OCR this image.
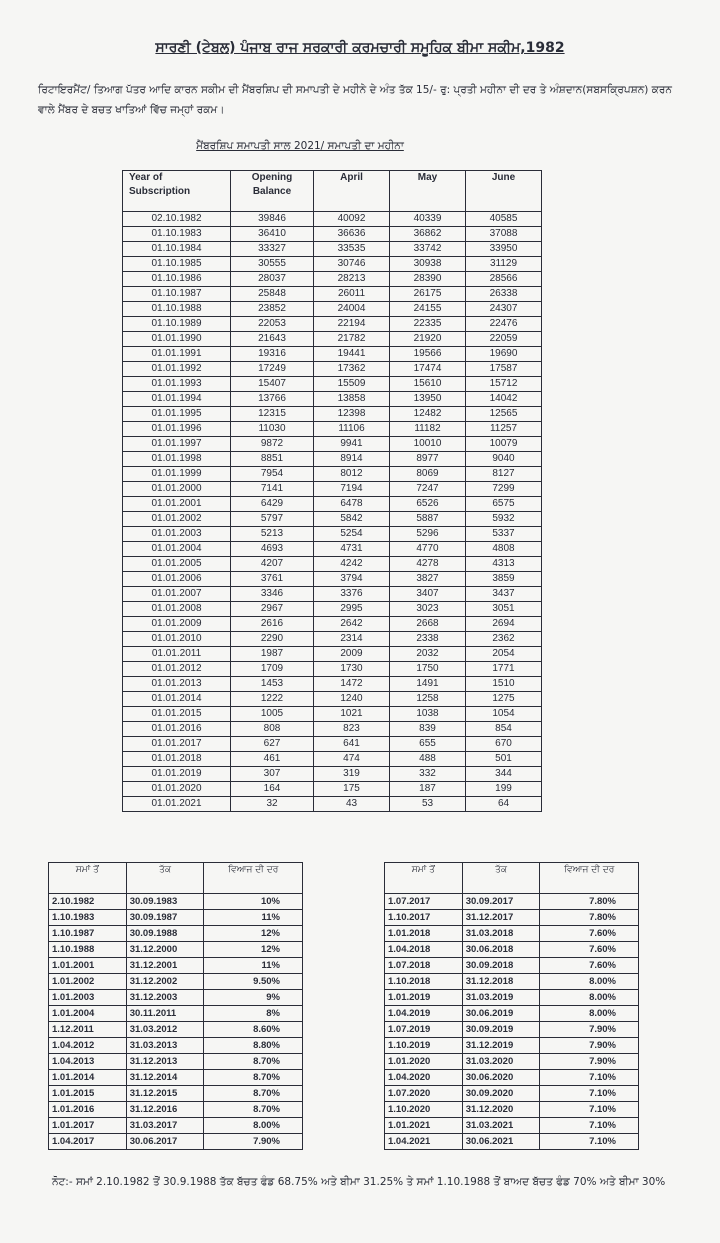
ਸਾਰਣੀ (ਟੇਬਲ) ਪੰਜਾਬ ਰਾਜ ਸਰਕਾਰੀ ਕਰਮਚਾਰੀ ਸਮੂਹਿਕ ਬੀਮਾ ਸਕੀਮ,1982
ਰਿਟਾਇਰਮੈਂਟ/ ਤਿਆਗ ਪੱਤਰ ਆਦਿ ਕਾਰਨ ਸਕੀਮ ਦੀ ਮੈਂਬਰਸ਼ਿਪ ਦੀ ਸਮਾਪਤੀ ਦੇ ਮਹੀਨੇ ਦੇ ਅੰਤ ਤੱਕ 15/- ਰੁ: ਪ੍ਰਤੀ ਮਹੀਨਾ ਦੀ ਦਰ ਤੇ ਅੰਸ਼ਦਾਨ(ਸਬਸਕ੍ਰਿਪਸ਼ਨ) ਕਰਨ ਵਾਲੇ ਮੈਂਬਰ ਦੇ ਬਚਤ ਖਾਤਿਆਂ ਵਿੱਚ ਜਮ੍ਹਾਂ ਰਕਮ।
ਮੈਂਬਰਸ਼ਿਪ ਸਮਾਪਤੀ ਸਾਲ 2021/ ਸਮਾਪਤੀ ਦਾ ਮਹੀਨਾ
Year of Subscription	Opening Balance	April	May	June
02.10.1982	39846	40092	40339	40585
01.10.1983	36410	36636	36862	37088
01.10.1984	33327	33535	33742	33950
01.10.1985	30555	30746	30938	31129
01.10.1986	28037	28213	28390	28566
01.10.1987	25848	26011	26175	26338
01.10.1988	23852	24004	24155	24307
01.10.1989	22053	22194	22335	22476
01.01.1990	21643	21782	21920	22059
01.01.1991	19316	19441	19566	19690
01.01.1992	17249	17362	17474	17587
01.01.1993	15407	15509	15610	15712
01.01.1994	13766	13858	13950	14042
01.01.1995	12315	12398	12482	12565
01.01.1996	11030	11106	11182	11257
01.01.1997	9872	9941	10010	10079
01.01.1998	8851	8914	8977	9040
01.01.1999	7954	8012	8069	8127
01.01.2000	7141	7194	7247	7299
01.01.2001	6429	6478	6526	6575
01.01.2002	5797	5842	5887	5932
01.01.2003	5213	5254	5296	5337
01.01.2004	4693	4731	4770	4808
01.01.2005	4207	4242	4278	4313
01.01.2006	3761	3794	3827	3859
01.01.2007	3346	3376	3407	3437
01.01.2008	2967	2995	3023	3051
01.01.2009	2616	2642	2668	2694
01.01.2010	2290	2314	2338	2362
01.01.2011	1987	2009	2032	2054
01.01.2012	1709	1730	1750	1771
01.01.2013	1453	1472	1491	1510
01.01.2014	1222	1240	1258	1275
01.01.2015	1005	1021	1038	1054
01.01.2016	808	823	839	854
01.01.2017	627	641	655	670
01.01.2018	461	474	488	501
01.01.2019	307	319	332	344
01.01.2020	164	175	187	199
01.01.2021	32	43	53	64
ਸਮਾਂ ਤੋਂ	ਤੱਕ	ਵਿਆਜ ਦੀ ਦਰ
2.10.1982	30.09.1983	10%
1.10.1983	30.09.1987	11%
1.10.1987	30.09.1988	12%
1.10.1988	31.12.2000	12%
1.01.2001	31.12.2001	11%
1.01.2002	31.12.2002	9.50%
1.01.2003	31.12.2003	9%
1.01.2004	30.11.2011	8%
1.12.2011	31.03.2012	8.60%
1.04.2012	31.03.2013	8.80%
1.04.2013	31.12.2013	8.70%
1.01.2014	31.12.2014	8.70%
1.01.2015	31.12.2015	8.70%
1.01.2016	31.12.2016	8.70%
1.01.2017	31.03.2017	8.00%
1.04.2017	30.06.2017	7.90%
ਸਮਾਂ ਤੋਂ	ਤੱਕ	ਵਿਆਜ ਦੀ ਦਰ
1.07.2017	30.09.2017	7.80%
1.10.2017	31.12.2017	7.80%
1.01.2018	31.03.2018	7.60%
1.04.2018	30.06.2018	7.60%
1.07.2018	30.09.2018	7.60%
1.10.2018	31.12.2018	8.00%
1.01.2019	31.03.2019	8.00%
1.04.2019	30.06.2019	8.00%
1.07.2019	30.09.2019	7.90%
1.10.2019	31.12.2019	7.90%
1.01.2020	31.03.2020	7.90%
1.04.2020	30.06.2020	7.10%
1.07.2020	30.09.2020	7.10%
1.10.2020	31.12.2020	7.10%
1.01.2021	31.03.2021	7.10%
1.04.2021	30.06.2021	7.10%
ਨੋਟ:- ਸਮਾਂ 2.10.1982 ਤੋਂ 30.9.1988 ਤੱਕ ਬੱਚਤ ਫੰਡ 68.75% ਅਤੇ ਬੀਮਾ 31.25% ਤੇ ਸਮਾਂ 1.10.1988 ਤੋਂ ਬਾਅਦ ਬੱਚਤ ਫੰਡ 70% ਅਤੇ ਬੀਮਾ 30%
